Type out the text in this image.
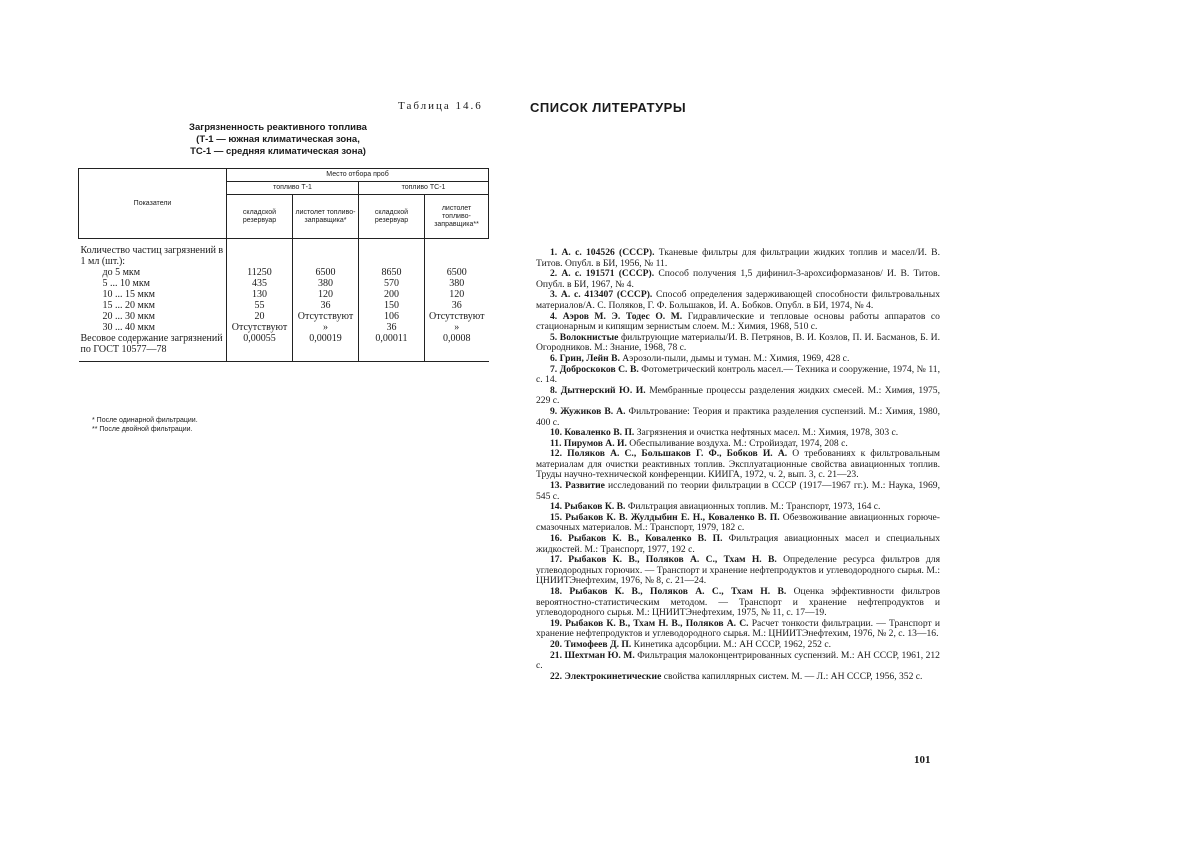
Таблица 14.6
Загрязненность реактивного топлива
(Т-1 — южная климатическая зона,
ТС-1 — средняя климатическая зона)
Показатели	Место отбора проб			
	топливо Т-1		топливо ТС-1	
	складской резервуар	листолет топливо-заправщика*	складской резервуар	листолет топливо-заправщика**
Количество частиц загрязнений в 1 мл (шт.):				
до 5 мкм	11250	6500	8650	6500
5 ... 10 мкм	435	380	570	380
10 ... 15 мкм	130	120	200	120
15 ... 20 мкм	55	36	150	36
20 ... 30 мкм	20	Отсутствуют	106	Отсутствуют
30 ... 40 мкм	Отсутствуют	»	36	»
Весовое содержание загрязнений по ГОСТ 10577—78	0,00055	0,00019	0,00011	0,0008
* После одинарной фильтрации.
** После двойной фильтрации.
СПИСОК ЛИТЕРАТУРЫ

1. А. с. 104526 (СССР). Тканевые фильтры для фильтрации жидких топлив и масел/И. В. Титов. Опубл. в БИ, 1956, № 11.

2. А. с. 191571 (СССР). Способ получения 1,5 дифинил-3-арохсиформазанов/ И. В. Титов. Опубл. в БИ, 1967, № 4.

3. А. с. 413407 (СССР). Способ определения задерживающей способности фильтровальных материалов/А. С. Поляков, Г. Ф. Большаков, И. А. Бобков. Опубл. в БИ, 1974, № 4.

4. Аэров М. Э. Тодес О. М. Гидравлические и тепловые основы работы аппаратов со стационарным и кипящим зернистым слоем. М.: Химия, 1968, 510 с.

5. Волокнистые фильтрующие материалы/И. В. Петрянов, В. И. Козлов, П. И. Басманов, Б. И. Огородников. М.: Знание, 1968, 78 с.

6. Грин, Лейн В. Аэрозоли-пыли, дымы и туман. М.: Химия, 1969, 428 с.

7. Доброскоков С. В. Фотометрический контроль масел.— Техника и сооружение, 1974, № 11, с. 14.

8. Дытнерский Ю. И. Мембранные процессы разделения жидких смесей. М.: Химия, 1975, 229 с.

9. Жужиков В. А. Фильтрование: Теория и практика разделения суспензий. М.: Химия, 1980, 400 с.

10. Коваленко В. П. Загрязнения и очистка нефтяных масел. М.: Химия, 1978, 303 с.

11. Пирумов А. И. Обеспыливание воздуха. М.: Стройиздат, 1974, 208 с.

12. Поляков А. С., Большаков Г. Ф., Бобков И. А. О требованиях к фильтровальным материалам для очистки реактивных топлив. Эксплуатационные свойства авиационных топлив. Труды научно-технической конференции. КИИГА, 1972, ч. 2, вып. 3, с. 21—23.

13. Развитие исследований по теории фильтрации в СССР (1917—1967 гг.). М.: Наука, 1969, 545 с.

14. Рыбаков К. В. Фильтрация авиационных топлив. М.: Транспорт, 1973, 164 с.

15. Рыбаков К. В. Жулдыбин Е. Н., Коваленко В. П. Обезвоживание авиационных горюче-смазочных материалов. М.: Транспорт, 1979, 182 с.

16. Рыбаков К. В., Коваленко В. П. Фильтрация авиационных масел и специальных жидкостей. М.: Транспорт, 1977, 192 с.

17. Рыбаков К. В., Поляков А. С., Тхам Н. В. Определение ресурса фильтров для углеводородных горючих. — Транспорт и хранение нефтепродуктов и углеводородного сырья. М.: ЦНИИТЭнефтехим, 1976, № 8, с. 21—24.

18. Рыбаков К. В., Поляков А. С., Тхам Н. В. Оценка эффективности фильтров вероятностно-статистическим методом. — Транспорт и хранение нефтепродуктов и углеводородного сырья. М.: ЦНИИТЭнефтехим, 1975, № 11, с. 17—19.

19. Рыбаков К. В., Тхам Н. В., Поляков А. С. Расчет тонкости фильтрации. — Транспорт и хранение нефтепродуктов и углеводородного сырья. М.: ЦНИИТЭнефтехим, 1976, № 2, с. 13—16.

20. Тимофеев Д. П. Кинетика адсорбции. М.: АН СССР, 1962, 252 с.

21. Шехтман Ю. М. Фильтрация малоконцентрированных суспензий. М.: АН СССР, 1961, 212 с.

22. Электрокинетические свойства капиллярных систем. М. — Л.: АН СССР, 1956, 352 с.

101
